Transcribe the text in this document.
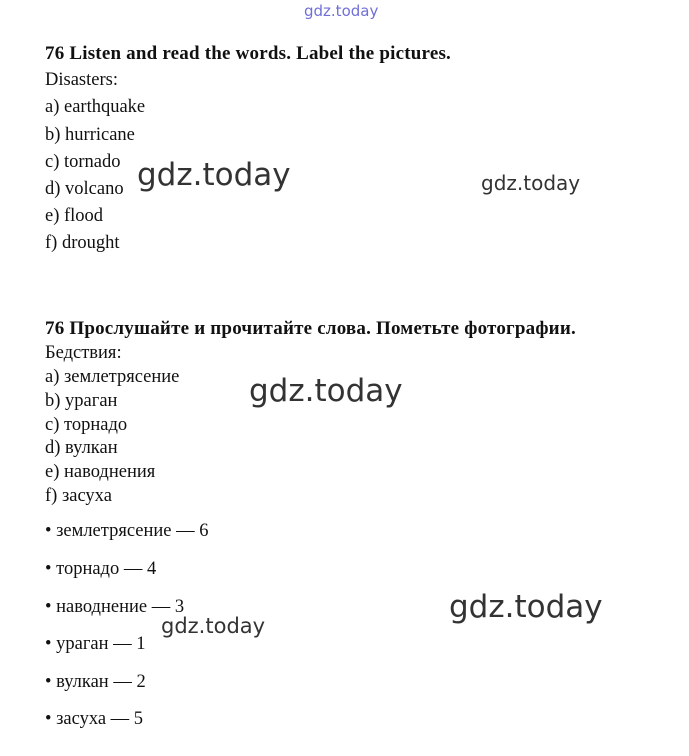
gdz.today
gdz.today	gdz.today
gdz.today
gdz.today
gdz.today
76 Listen and read the words. Label the pictures.
Disasters:
a) earthquake
b) hurricane
c) tornado
d) volcano
e) flood
f) drought
76 Прослушайте и прочитайте слова. Пометьте фотографии.
Бедствия:
a) землетрясение
b) ураган
c) торнадо
d) вулкан
e) наводнения
f) засуха
• землетрясение — 6
• торнадо — 4
• наводнение — 3
• ураган — 1
• вулкан — 2
• засуха — 5
